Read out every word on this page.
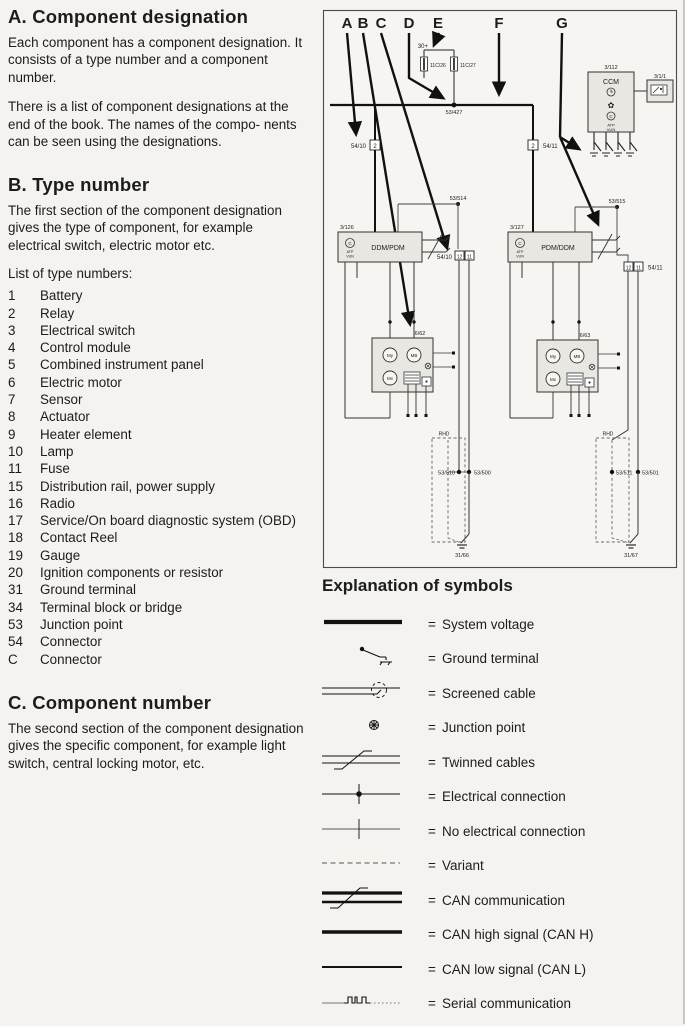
A. Component designation

Each component has a component designation. It consists of a type number and a component number.

There is a list of component designations at the end of the book. The names of the compo- nents can be seen using the designations.

B. Type number

The first section of the component designation gives the type of component, for example electrical switch, electric motor etc.

List of type numbers:
1	Battery
2	Relay
3	Electrical switch
4	Control module
5	Combined instrument panel
6	Electric motor
7	Sensor
8	Actuator
9	Heater element
10	Lamp
11	Fuse
15	Distribution rail, power supply
16	Radio
17	Service/On board diagnostic system (OBD)
18	Contact Reel
19	Gauge
20	Ignition components or resistor
31	Ground terminal
34	Terminal block or bridge
53	Junction point
54	Connector
C	Connector
C. Component number

The second section of the component designation gives the specific component, for example light switch, central locking motor, etc.

A B C D E	F	G
30+
11C/26	11C/27
53/427
2
54/10	2 54/11
3/112
CCM
✿
C
ATP
VUN
3/1/1
53/514
3/126
C
ATP
VUN
DDM/PDM
54/10 12 11
6/62
My	MB
Mx
RHD
53/510	53/500
31/66
53/515
3/127
C
ATP
VUN
PDM/DDM
12 11 54/11
6/63
My	MB
Mx
RHD
53/511 53/501
31/67
Explanation of symbols
= System voltage
= Ground terminal
= Screened cable
= Junction point
= Twinned cables
= Electrical connection
= No electrical connection
= Variant
= CAN communication
= CAN high signal (CAN H)
= CAN low signal (CAN L)
= Serial communication
